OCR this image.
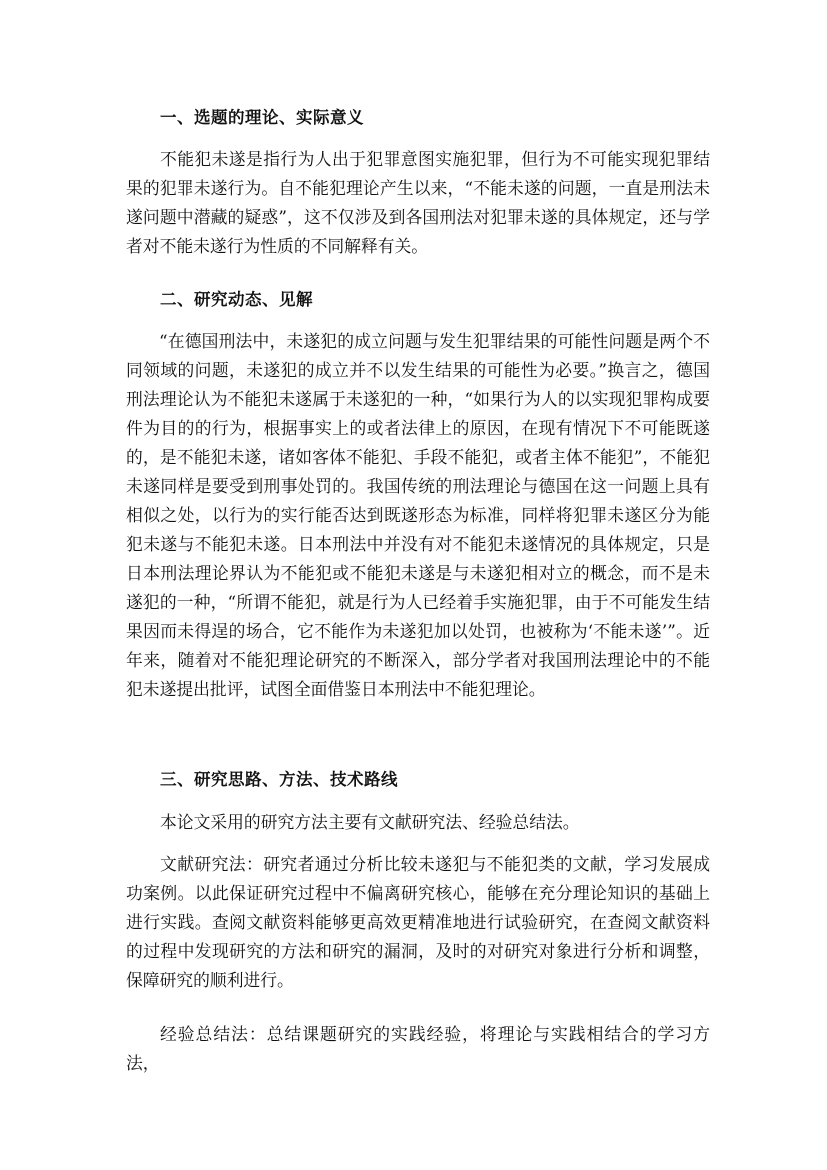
一、选题的理论、实际意义
不能犯未遂是指行为人出于犯罪意图实施犯罪，但行为不可能实现犯罪结果的犯罪未遂行为。自不能犯理论产生以来，“不能未遂的问题，一直是刑法未遂问题中潜藏的疑惑”，这不仅涉及到各国刑法对犯罪未遂的具体规定，还与学者对不能未遂行为性质的不同解释有关。
二、研究动态、见解
“在德国刑法中，未遂犯的成立问题与发生犯罪结果的可能性问题是两个不同领域的问题，未遂犯的成立并不以发生结果的可能性为必要。”换言之，德国刑法理论认为不能犯未遂属于未遂犯的一种，“如果行为人的以实现犯罪构成要件为目的的行为，根据事实上的或者法律上的原因，在现有情况下不可能既遂的，是不能犯未遂，诸如客体不能犯、手段不能犯，或者主体不能犯”，不能犯未遂同样是要受到刑事处罚的。我国传统的刑法理论与德国在这一问题上具有相似之处，以行为的实行能否达到既遂形态为标准，同样将犯罪未遂区分为能犯未遂与不能犯未遂。日本刑法中并没有对不能犯未遂情况的具体规定，只是日本刑法理论界认为不能犯或不能犯未遂是与未遂犯相对立的概念，而不是未遂犯的一种，“所谓不能犯，就是行为人已经着手实施犯罪，由于不可能发生结果因而未得逞的场合，它不能作为未遂犯加以处罚，也被称为‘不能未遂’”。近年来，随着对不能犯理论研究的不断深入，部分学者对我国刑法理论中的不能犯未遂提出批评，试图全面借鉴日本刑法中不能犯理论。
三、研究思路、方法、技术路线
本论文采用的研究方法主要有文献研究法、经验总结法。
文献研究法：研究者通过分析比较未遂犯与不能犯类的文献，学习发展成功案例。以此保证研究过程中不偏离研究核心，能够在充分理论知识的基础上进行实践。查阅文献资料能够更高效更精准地进行试验研究，在查阅文献资料的过程中发现研究的方法和研究的漏洞，及时的对研究对象进行分析和调整，保障研究的顺利进行。
经验总结法：总结课题研究的实践经验，将理论与实践相结合的学习方法，
